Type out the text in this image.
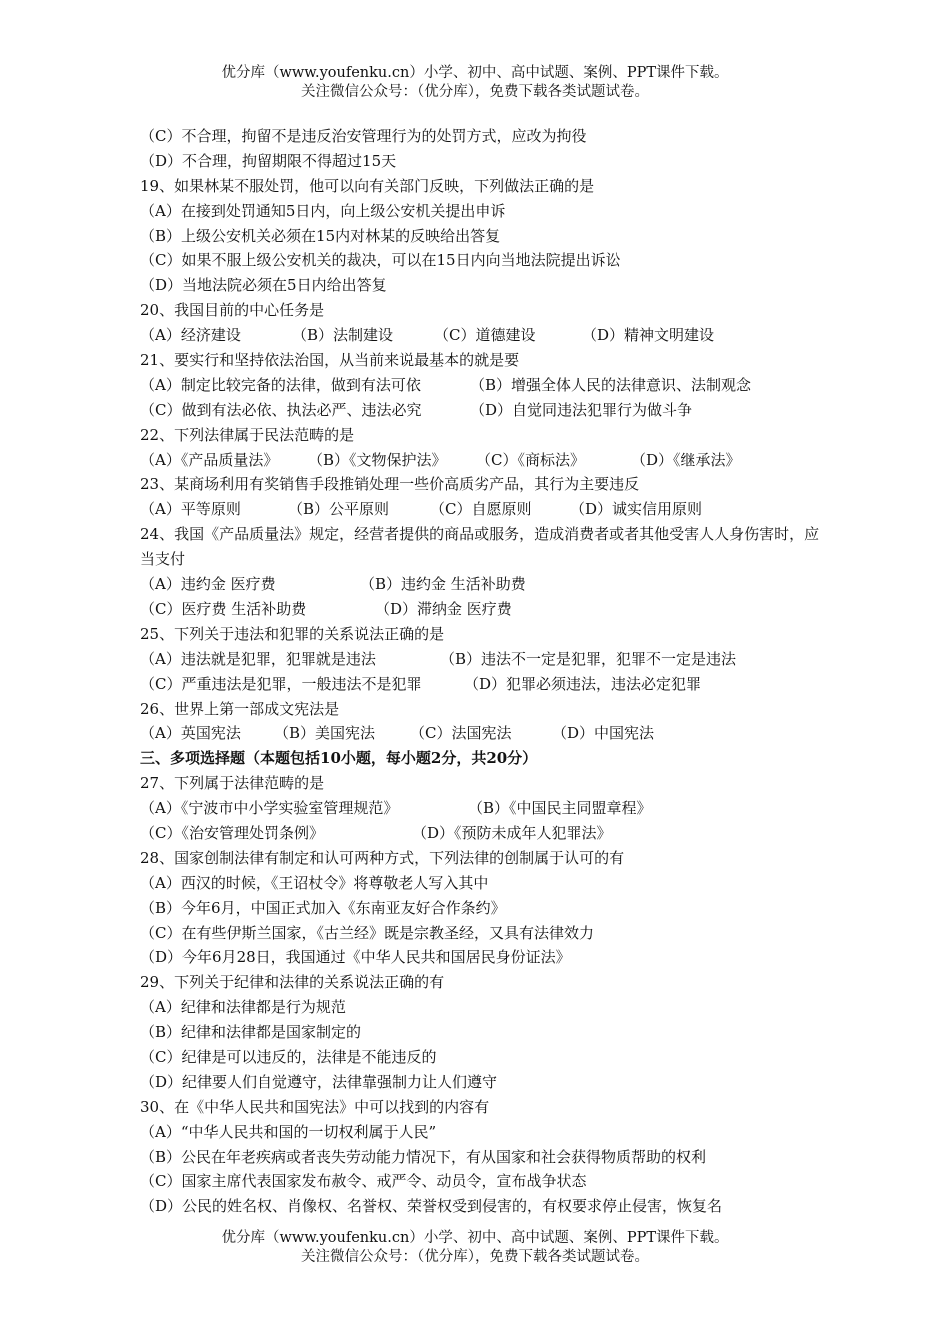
优分库（www.youfenku.cn）小学、初中、高中试题、案例、PPT课件下载。
关注微信公众号：（优分库），免费下载各类试题试卷。
（C）不合理，拘留不是违反治安管理行为的处罚方式，应改为拘役
（D）不合理，拘留期限不得超过15天
19、如果林某不服处罚，他可以向有关部门反映，下列做法正确的是
（A）在接到处罚通知5日内，向上级公安机关提出申诉
（B）上级公安机关必须在15内对林某的反映给出答复
（C）如果不服上级公安机关的裁决，可以在15日内向当地法院提出诉讼
（D）当地法院必须在5日内给出答复
20、我国目前的中心任务是
（A）经济建设	（B）法制建设	（C）道德建设	（D）精神文明建设
21、要实行和坚持依法治国，从当前来说最基本的就是要
（A）制定比较完备的法律，做到有法可依	（B）增强全体人民的法律意识、法制观念
（C）做到有法必依、执法必严、违法必究	（D）自觉同违法犯罪行为做斗争
22、下列法律属于民法范畴的是
（A）《产品质量法》 （B）《文物保护法》 （C）《商标法》	（D）《继承法》
23、某商场利用有奖销售手段推销处理一些价高质劣产品，其行为主要违反
（A）平等原则	（B）公平原则	（C）自愿原则	（D）诚实信用原则
24、我国《产品质量法》规定，经营者提供的商品或服务，造成消费者或者其他受害人人身伤害时，应当支付
（A）违约金 医疗费	（B）违约金 生活补助费
（C）医疗费 生活补助费	（D）滞纳金 医疗费
25、下列关于违法和犯罪的关系说法正确的是
（A）违法就是犯罪，犯罪就是违法	（B）违法不一定是犯罪，犯罪不一定是违法
（C）严重违法是犯罪，一般违法不是犯罪	（D）犯罪必须违法，违法必定犯罪
26、世界上第一部成文宪法是
（A）英国宪法 （B）美国宪法 （C）法国宪法	（D）中国宪法
三、多项选择题（本题包括10小题，每小题2分，共20分）
27、下列属于法律范畴的是
（A）《宁波市中小学实验室管理规范》	（B）《中国民主同盟章程》
（C）《治安管理处罚条例》	（D）《预防未成年人犯罪法》
28、国家创制法律有制定和认可两种方式，下列法律的创制属于认可的有
（A）西汉的时候，《王诏杖令》将尊敬老人写入其中
（B）今年6月，中国正式加入《东南亚友好合作条约》
（C）在有些伊斯兰国家，《古兰经》既是宗教圣经，又具有法律效力
（D）今年6月28日，我国通过《中华人民共和国居民身份证法》
29、下列关于纪律和法律的关系说法正确的有
（A）纪律和法律都是行为规范
（B）纪律和法律都是国家制定的
（C）纪律是可以违反的，法律是不能违反的
（D）纪律要人们自觉遵守，法律靠强制力让人们遵守
30、在《中华人民共和国宪法》中可以找到的内容有
（A）“中华人民共和国的一切权利属于人民”
（B）公民在年老疾病或者丧失劳动能力情况下，有从国家和社会获得物质帮助的权利
（C）国家主席代表国家发布赦令、戒严令、动员令，宣布战争状态
（D）公民的姓名权、肖像权、名誉权、荣誉权受到侵害的，有权要求停止侵害，恢复名
优分库（www.youfenku.cn）小学、初中、高中试题、案例、PPT课件下载。
关注微信公众号：（优分库），免费下载各类试题试卷。
